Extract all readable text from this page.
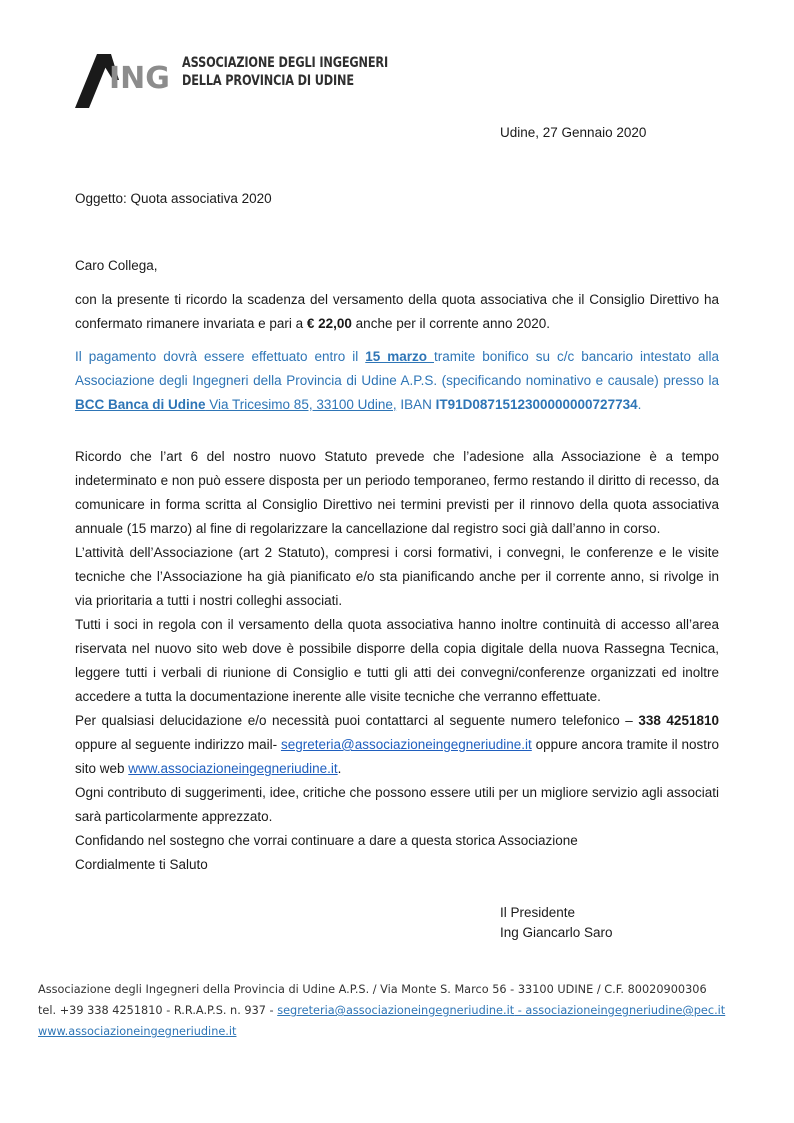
ING ASSOCIAZIONE DEGLI INGEGNERI
DELLA PROVINCIA DI UDINE
Udine, 27 Gennaio 2020
Oggetto: Quota associativa 2020
Caro Collega,
con la presente ti ricordo la scadenza del versamento della quota associativa che il Consiglio Direttivo ha confermato rimanere invariata e pari a € 22,00 anche per il corrente anno 2020.
Il pagamento dovrà essere effettuato entro il 15 marzo tramite bonifico su c/c bancario intestato alla Associazione degli Ingegneri della Provincia di Udine A.P.S. (specificando nominativo e causale) presso la BCC Banca di Udine Via Tricesimo 85, 33100 Udine, IBAN IT91D0871512300000000727734.
Ricordo che l’art 6 del nostro nuovo Statuto prevede che l’adesione alla Associazione è a tempo indeterminato e non può essere disposta per un periodo temporaneo, fermo restando il diritto di recesso, da comunicare in forma scritta al Consiglio Direttivo nei termini previsti per il rinnovo della quota associativa annuale (15 marzo) al fine di regolarizzare la cancellazione dal registro soci già dall’anno in corso.
L’attività dell’Associazione (art 2 Statuto), compresi i corsi formativi, i convegni, le conferenze e le visite tecniche che l’Associazione ha già pianificato e/o sta pianificando anche per il corrente anno, si rivolge in via prioritaria a tutti i nostri colleghi associati.
Tutti i soci in regola con il versamento della quota associativa hanno inoltre continuità di accesso all’area riservata nel nuovo sito web dove è possibile disporre della copia digitale della nuova Rassegna Tecnica, leggere tutti i verbali di riunione di Consiglio e tutti gli atti dei convegni/conferenze organizzati ed inoltre accedere a tutta la documentazione inerente alle visite tecniche che verranno effettuate.
Per qualsiasi delucidazione e/o necessità puoi contattarci al seguente numero telefonico – 338 4251810 oppure al seguente indirizzo mail- segreteria@associazioneingegneriudine.it oppure ancora tramite il nostro sito web www.associazioneingegneriudine.it.
Ogni contributo di suggerimenti, idee, critiche che possono essere utili per un migliore servizio agli associati sarà particolarmente apprezzato.
Confidando nel sostegno che vorrai continuare a dare a questa storica Associazione
Cordialmente ti Saluto
Il Presidente
Ing Giancarlo Saro
Associazione degli Ingegneri della Provincia di Udine A.P.S. / Via Monte S. Marco 56 - 33100 UDINE / C.F. 80020900306
tel. +39 338 4251810 - R.R.A.P.S. n. 937 - segreteria@associazioneingegneriudine.it - associazioneingegneriudine@pec.it
www.associazioneingegneriudine.it
